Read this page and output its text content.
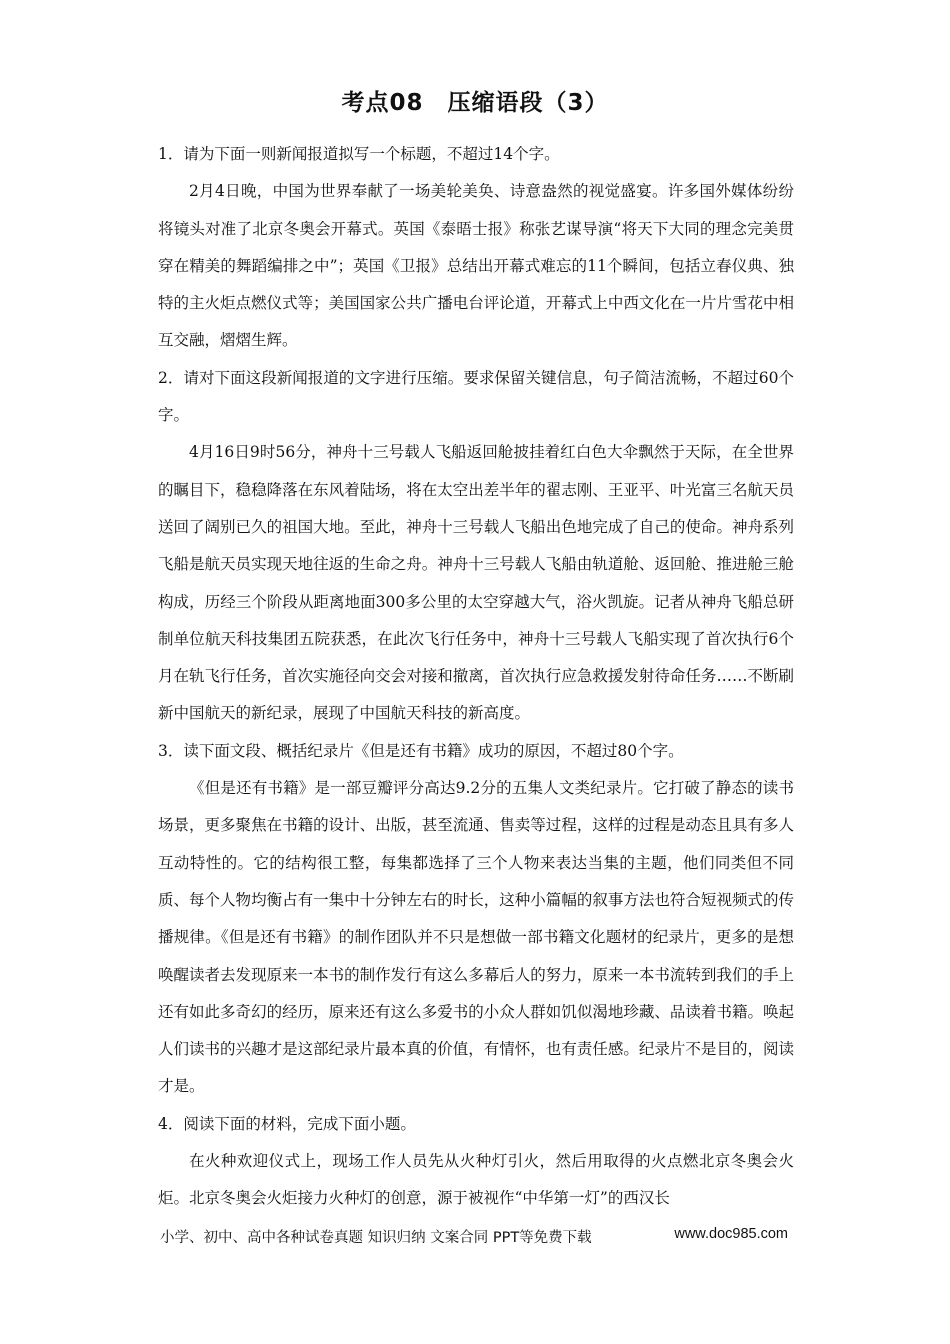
考点08　压缩语段（3）

1．请为下面一则新闻报道拟写一个标题，不超过14个字。

2月4日晚，中国为世界奉献了一场美轮美奂、诗意盎然的视觉盛宴。许多国外媒体纷纷将镜头对准了北京冬奥会开幕式。英国《泰晤士报》称张艺谋导演“将天下大同的理念完美贯穿在精美的舞蹈编排之中”；英国《卫报》总结出开幕式难忘的11个瞬间，包括立春仪典、独特的主火炬点燃仪式等；美国国家公共广播电台评论道，开幕式上中西文化在一片片雪花中相互交融，熠熠生辉。

2．请对下面这段新闻报道的文字进行压缩。要求保留关键信息，句子简洁流畅，不超过60个字。

4月16日9时56分，神舟十三号载人飞船返回舱披挂着红白色大伞飘然于天际，在全世界的瞩目下，稳稳降落在东风着陆场，将在太空出差半年的翟志刚、王亚平、叶光富三名航天员送回了阔别已久的祖国大地。至此，神舟十三号载人飞船出色地完成了自己的使命。神舟系列飞船是航天员实现天地往返的生命之舟。神舟十三号载人飞船由轨道舱、返回舱、推进舱三舱构成，历经三个阶段从距离地面300多公里的太空穿越大气，浴火凯旋。记者从神舟飞船总研制单位航天科技集团五院获悉，在此次飞行任务中，神舟十三号载人飞船实现了首次执行6个月在轨飞行任务，首次实施径向交会对接和撤离，首次执行应急救援发射待命任务……不断刷新中国航天的新纪录，展现了中国航天科技的新高度。

3．读下面文段、概括纪录片《但是还有书籍》成功的原因，不超过80个字。

《但是还有书籍》是一部豆瓣评分高达9.2分的五集人文类纪录片。它打破了静态的读书场景，更多聚焦在书籍的设计、出版，甚至流通、售卖等过程，这样的过程是动态且具有多人互动特性的。它的结构很工整，每集都选择了三个人物来表达当集的主题，他们同类但不同质、每个人物均衡占有一集中十分钟左右的时长，这种小篇幅的叙事方法也符合短视频式的传播规律。《但是还有书籍》的制作团队并不只是想做一部书籍文化题材的纪录片，更多的是想唤醒读者去发现原来一本书的制作发行有这么多幕后人的努力，原来一本书流转到我们的手上还有如此多奇幻的经历，原来还有这么多爱书的小众人群如饥似渴地珍藏、品读着书籍。唤起人们读书的兴趣才是这部纪录片最本真的价值，有情怀，也有责任感。纪录片不是目的，阅读才是。

4．阅读下面的材料，完成下面小题。

在火种欢迎仪式上，现场工作人员先从火种灯引火，然后用取得的火点燃北京冬奥会火炬。北京冬奥会火炬接力火种灯的创意，源于被视作“中华第一灯”的西汉长

小学、初中、高中各种试卷真题 知识归纳 文案合同 PPT等免费下载	www.doc985.com
